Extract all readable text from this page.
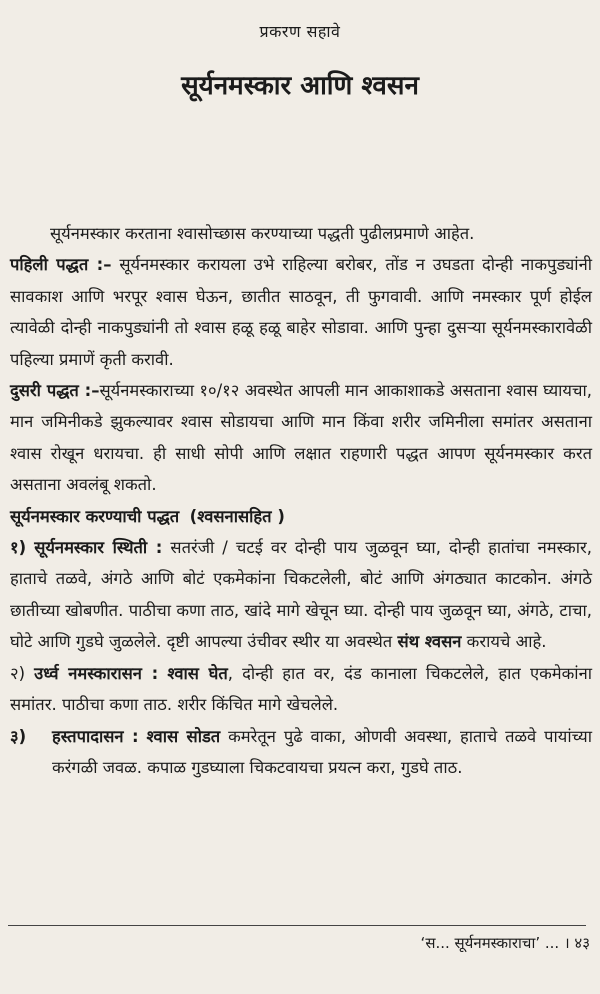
प्रकरण सहावे
सूर्यनमस्कार आणि श्वसन

सूर्यनमस्कार करताना श्वासोच्छास करण्याच्या पद्धती पुढीलप्रमाणे आहेत.

पहिली पद्धत :– सूर्यनमस्कार करायला उभे राहिल्या बरोबर, तोंड न उघडता दोन्ही नाकपुड्यांनी सावकाश आणि भरपूर श्वास घेऊन, छातीत साठवून, ती फुगवावी. आणि नमस्कार पूर्ण होईल त्यावेळी दोन्ही नाकपुड्यांनी तो श्वास हळू हळू बाहेर सोडावा. आणि पुन्हा दुसऱ्या सूर्यनमस्कारावेळी पहिल्या प्रमाणें कृती करावी.

दुसरी पद्धत :–सूर्यनमस्काराच्या १०/१२ अवस्थेत आपली मान आकाशाकडे असताना श्वास घ्यायचा, मान जमिनीकडे झुकल्यावर श्वास सोडायचा आणि मान किंवा शरीर जमिनीला समांतर असताना श्वास रोखून धरायचा. ही साधी सोपी आणि लक्षात राहणारी पद्धत आपण सूर्यनमस्कार करत असताना अवलंबू शकतो.

सूर्यनमस्कार करण्याची पद्धत (श्वसनासहित )

१) सूर्यनमस्कार स्थिती : सतरंजी / चटई वर दोन्ही पाय जुळवून घ्या, दोन्ही हातांचा नमस्कार, हाताचे तळवे, अंगठे आणि बोटं एकमेकांना चिकटलेली, बोटं आणि अंगठ्यात काटकोन. अंगठे छातीच्या खोबणीत. पाठीचा कणा ताठ, खांदे मागे खेचून घ्या. दोन्ही पाय जुळवून घ्या, अंगठे, टाचा, घोटे आणि गुडघे जुळलेले. दृष्टी आपल्या उंचीवर स्थीर या अवस्थेत संथ श्वसन करायचे आहे.

२) उर्ध्व नमस्कारासन : श्वास घेत, दोन्ही हात वर, दंड कानाला चिकटलेले, हात एकमेकांना समांतर. पाठीचा कणा ताठ. शरीर किंचित मागे खेचलेले.

३)	हस्तपादासन : श्वास सोडत कमरेतून पुढे वाका, ओणवी अवस्था, हाताचे तळवे पायांच्या करंगळी जवळ. कपाळ गुडघ्याला चिकटवायचा प्रयत्न करा, गुडघे ताठ.
‘स... सूर्यनमस्काराचा’ ... । ४३
